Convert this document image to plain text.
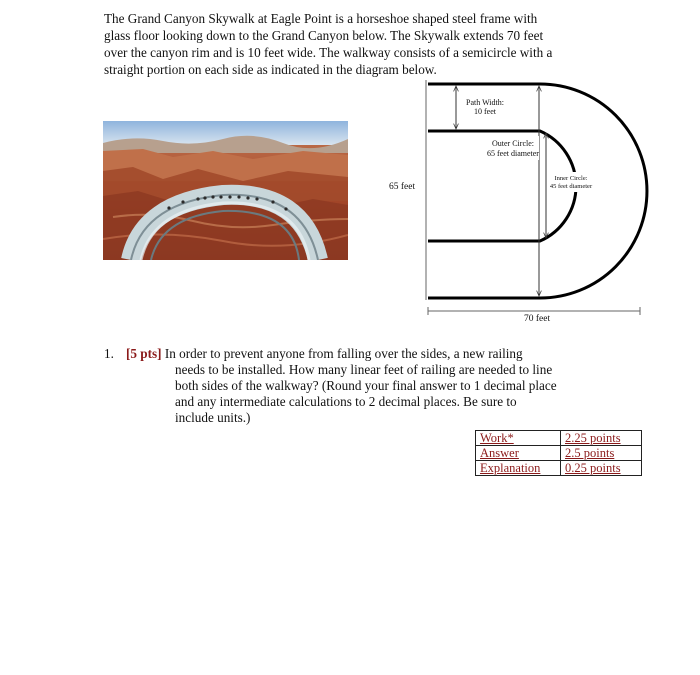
The Grand Canyon Skywalk at Eagle Point is a horseshoe shaped steel frame with

glass floor looking down to the Grand Canyon below. The Skywalk extends 70 feet

over the canyon rim and is 10 feet wide. The walkway consists of a semicircle with a

straight portion on each side as indicated in the diagram below.

Path Width:
10 feet
Outer Circle:
65 feet diameter
Inner Circle:
45 feet diameter
65 feet
70 feet
1. [5 pts] In order to prevent anyone from falling over the sides, a new railing

needs to be installed. How many linear feet of railing are needed to line

both sides of the walkway? (Round your final answer to 1 decimal place

and any intermediate calculations to 2 decimal places. Be sure to

include units.)

Work*	2.25 points
Answer	2.5 points
Explanation	0.25 points
